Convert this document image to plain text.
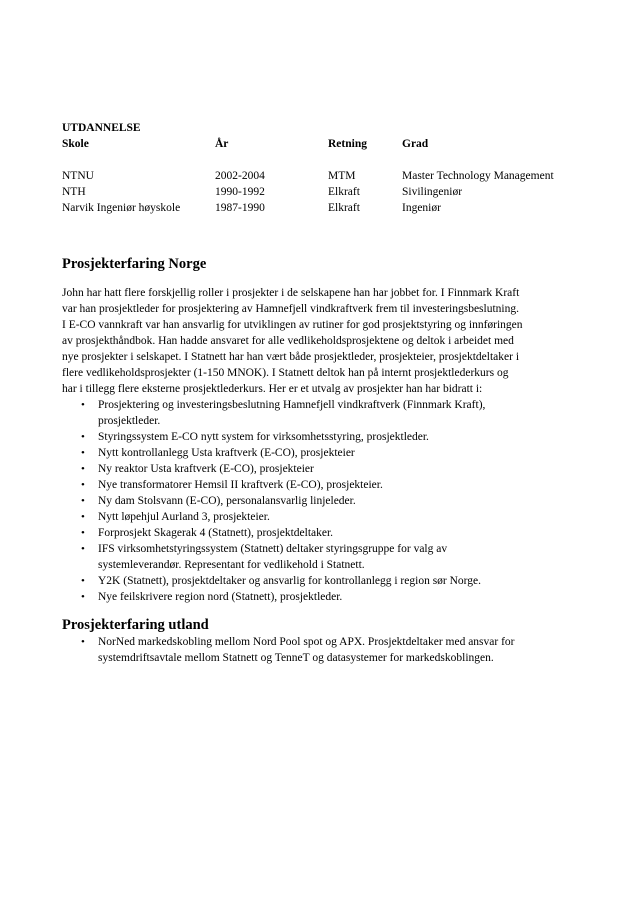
UTDANNELSE
Skole	År	Retning	Grad

NTNU	2002-2004	MTM	Master Technology Management
NTH	1990-1992	Elkraft	Sivilingeniør
Narvik Ingeniør høyskole	1987-1990	Elkraft	Ingeniør
Prosjekterfaring Norge
John har hatt flere forskjellig roller i prosjekter i de selskapene han har jobbet for. I Finnmark Kraft
var han prosjektleder for prosjektering av Hamnefjell vindkraftverk frem til investeringsbeslutning.
I E-CO vannkraft var han ansvarlig for utviklingen av rutiner for god prosjektstyring og innføringen
av prosjekthåndbok. Han hadde ansvaret for alle vedlikeholdsprosjektene og deltok i arbeidet med
nye prosjekter i selskapet. I Statnett har han vært både prosjektleder, prosjekteier, prosjektdeltaker i
flere vedlikeholdsprosjekter (1-150 MNOK). I Statnett deltok han på internt prosjektlederkurs og
har i tillegg flere eksterne prosjektlederkurs. Her er et utvalg av prosjekter han har bidratt i:
• Prosjektering og investeringsbeslutning Hamnefjell vindkraftverk (Finnmark Kraft),
prosjektleder.
• Styringssystem E-CO nytt system for virksomhetsstyring, prosjektleder.
• Nytt kontrollanlegg Usta kraftverk (E-CO), prosjekteier
• Ny reaktor Usta kraftverk (E-CO), prosjekteier
• Nye transformatorer Hemsil II kraftverk (E-CO), prosjekteier.
• Ny dam Stolsvann (E-CO), personalansvarlig linjeleder.
• Nytt løpehjul Aurland 3, prosjekteier.
• Forprosjekt Skagerak 4 (Statnett), prosjektdeltaker.
• IFS virksomhetstyringssystem (Statnett) deltaker styringsgruppe for valg av
systemleverandør. Representant for vedlikehold i Statnett.
• Y2K (Statnett), prosjektdeltaker og ansvarlig for kontrollanlegg i region sør Norge.
• Nye feilskrivere region nord (Statnett), prosjektleder.
Prosjekterfaring utland
• NorNed markedskobling mellom Nord Pool spot og APX. Prosjektdeltaker med ansvar for
systemdriftsavtale mellom Statnett og TenneT og datasystemer for markedskoblingen.
